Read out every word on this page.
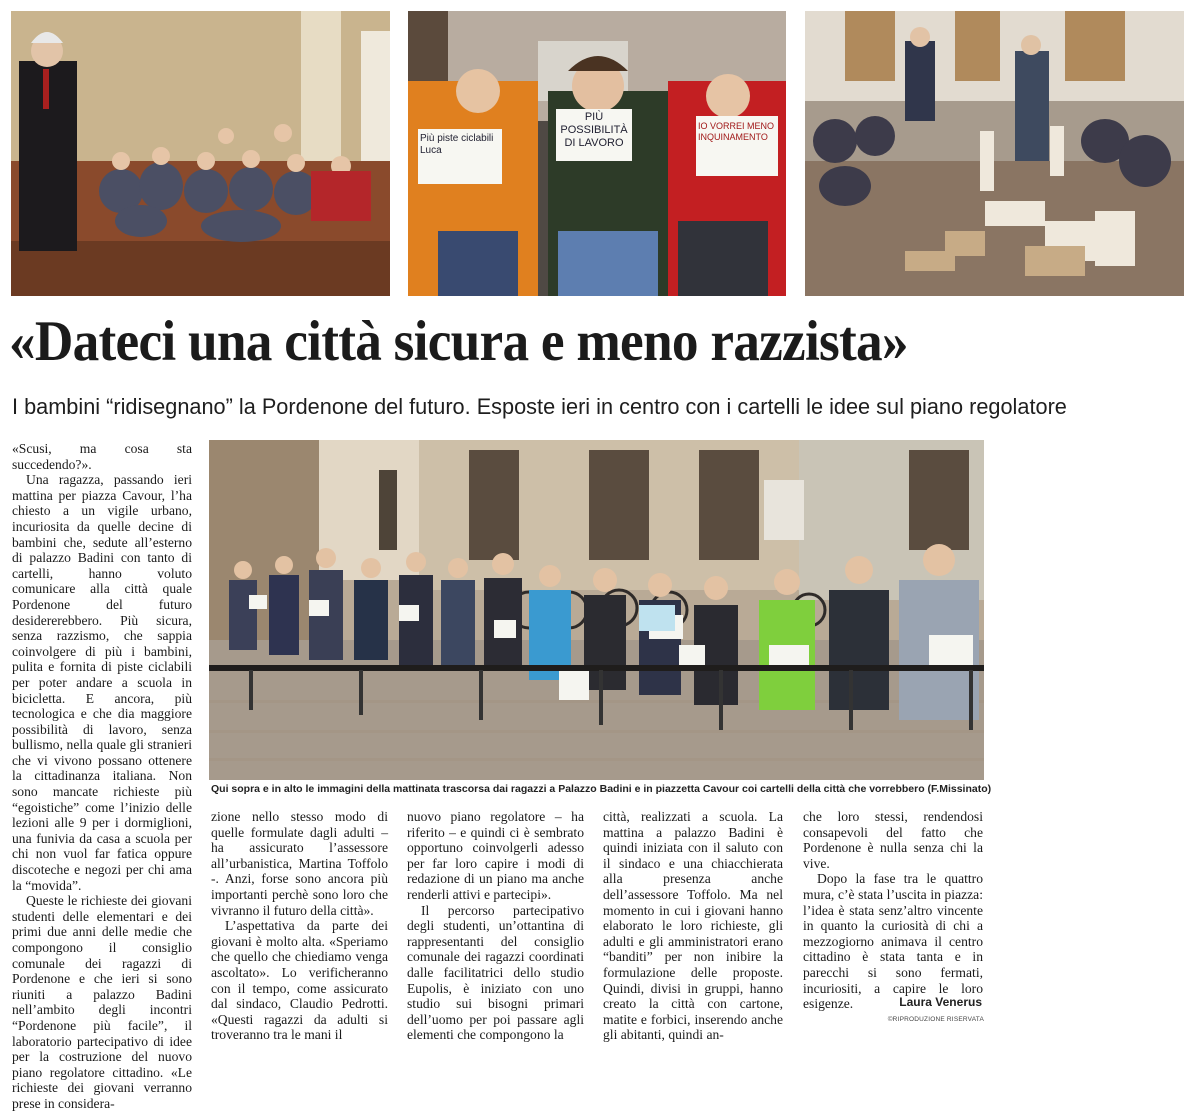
Più piste ciclabili Luca
PIÙ POSSIBILITÀ DI LAVORO
IO VORREI MENO INQUINAMENTO
«Dateci una città sicura e meno razzista»
I bambini “ridisegnano” la Pordenone del futuro. Esposte ieri in centro con i cartelli le idee sul piano regolatore

«Scusi, ma cosa sta succedendo?».

Una ragazza, passando ieri mattina per piazza Cavour, l’ha chiesto a un vigile urbano, incuriosita da quelle decine di bambini che, sedute all’esterno di palazzo Badini con tanto di cartelli, hanno voluto comunicare alla città quale Pordenone del futuro desidererebbero. Più sicura, senza razzismo, che sappia coinvolgere di più i bambini, pulita e fornita di piste ciclabili per poter andare a scuola in bicicletta. E ancora, più tecnologica e che dia maggiore possibilità di lavoro, senza bullismo, nella quale gli stranieri che vi vivono possano ottenere la cittadinanza italiana. Non sono mancate richieste più “egoistiche” come l’inizio delle lezioni alle 9 per i dormiglioni, una funivia da casa a scuola per chi non vuol far fatica oppure discoteche e negozi per chi ama la “movida”.

Queste le richieste dei giovani studenti delle elementari e dei primi due anni delle medie che compongono il consiglio comunale dei ragazzi di Pordenone e che ieri si sono riuniti a palazzo Badini nell’ambito degli incontri “Pordenone più facile”, il laboratorio partecipativo di idee per la costruzione del nuovo piano regolatore cittadino. «Le richieste dei giovani verranno prese in considera-

Qui sopra e in alto le immagini della mattinata trascorsa dai ragazzi a Palazzo Badini e in piazzetta Cavour coi cartelli della città che vorrebbero (F.Missinato)

zione nello stesso modo di quelle formulate dagli adulti – ha assicurato l’assessore all’urbanistica, Martina Toffolo -. Anzi, forse sono ancora più importanti perchè sono loro che vivranno il futuro della città».

L’aspettativa da parte dei giovani è molto alta. «Speriamo che quello che chiediamo venga ascoltato». Lo verificheranno con il tempo, come assicurato dal sindaco, Claudio Pedrotti. «Questi ragazzi da adulti si troveranno tra le mani il

nuovo piano regolatore – ha riferito – e quindi ci è sembrato opportuno coinvolgerli adesso per far loro capire i modi di redazione di un piano ma anche renderli attivi e partecipi».

Il percorso partecipativo degli studenti, un’ottantina di rappresentanti del consiglio comunale dei ragazzi coordinati dalle facilitatrici dello studio Eupolis, è iniziato con uno studio sui bisogni primari dell’uomo per poi passare agli elementi che compongono la

città, realizzati a scuola. La mattina a palazzo Badini è quindi iniziata con il saluto con il sindaco e una chiacchierata alla presenza anche dell’assessore Toffolo. Ma nel momento in cui i giovani hanno elaborato le loro richieste, gli adulti e gli amministratori erano “banditi” per non inibire la formulazione delle proposte. Quindi, divisi in gruppi, hanno creato la città con cartone, matite e forbici, inserendo anche gli abitanti, quindi an-

che loro stessi, rendendosi consapevoli del fatto che Pordenone è nulla senza chi la vive.

Dopo la fase tra le quattro mura, c’è stata l’uscita in piazza: l’idea è stata senz’altro vincente in quanto la curiosità di chi a mezzogiorno animava il centro cittadino è stata tanta e in parecchi si sono fermati, incuriositi, a capire le loro esigenze.	Laura Venerus
©RIPRODUZIONE RISERVATA
